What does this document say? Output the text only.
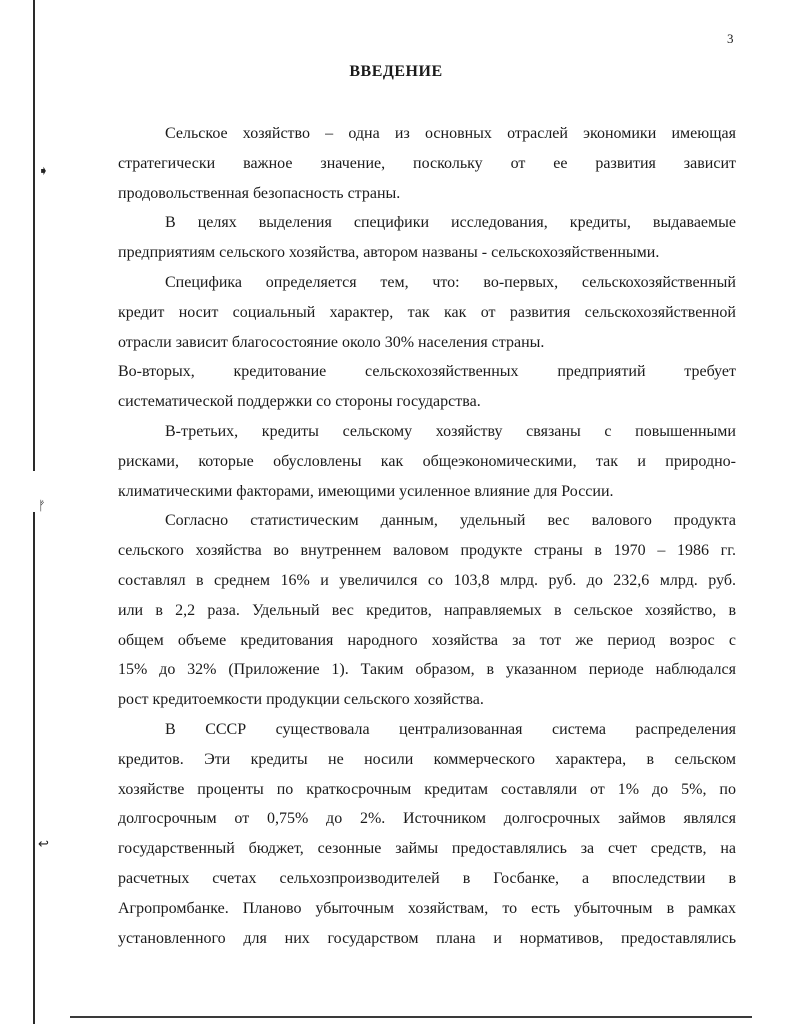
➧
ᚠ
↩
3
ВВЕДЕНИЕ
Сельское хозяйство – одна из основных отраслей экономики имеющая
стратегически важное значение, поскольку от ее развития зависит
продовольственная безопасность страны.
В целях выделения специфики исследования, кредиты, выдаваемые
предприятиям сельского хозяйства, автором названы - сельскохозяйственными.
Специфика определяется тем, что: во-первых, сельскохозяйственный
кредит носит социальный характер, так как от развития сельскохозяйственной
отрасли зависит благосостояние около 30% населения страны.
Во-вторых, кредитование сельскохозяйственных предприятий требует
систематической поддержки со стороны государства.
В-третьих, кредиты сельскому хозяйству связаны с повышенными
рисками, которые обусловлены как общеэкономическими, так и природно-
климатическими факторами, имеющими усиленное влияние для России.
Согласно статистическим данным, удельный вес валового продукта
сельского хозяйства во внутреннем валовом продукте страны в 1970 – 1986 гг.
составлял в среднем 16% и увеличился со 103,8 млрд. руб. до 232,6 млрд. руб.
или в 2,2 раза. Удельный вес кредитов, направляемых в сельское хозяйство, в
общем объеме кредитования народного хозяйства за тот же период возрос с
15% до 32% (Приложение 1). Таким образом, в указанном периоде наблюдался
рост кредитоемкости продукции сельского хозяйства.
В СССР существовала централизованная система распределения
кредитов. Эти кредиты не носили коммерческого характера, в сельском
хозяйстве проценты по краткосрочным кредитам составляли от 1% до 5%, по
долгосрочным от 0,75% до 2%. Источником долгосрочных займов являлся
государственный бюджет, сезонные займы предоставлялись за счет средств, на
расчетных счетах сельхозпроизводителей в Госбанке, а впоследствии в
Агропромбанке. Планово убыточным хозяйствам, то есть убыточным в рамках
установленного для них государством плана и нормативов, предоставлялись
